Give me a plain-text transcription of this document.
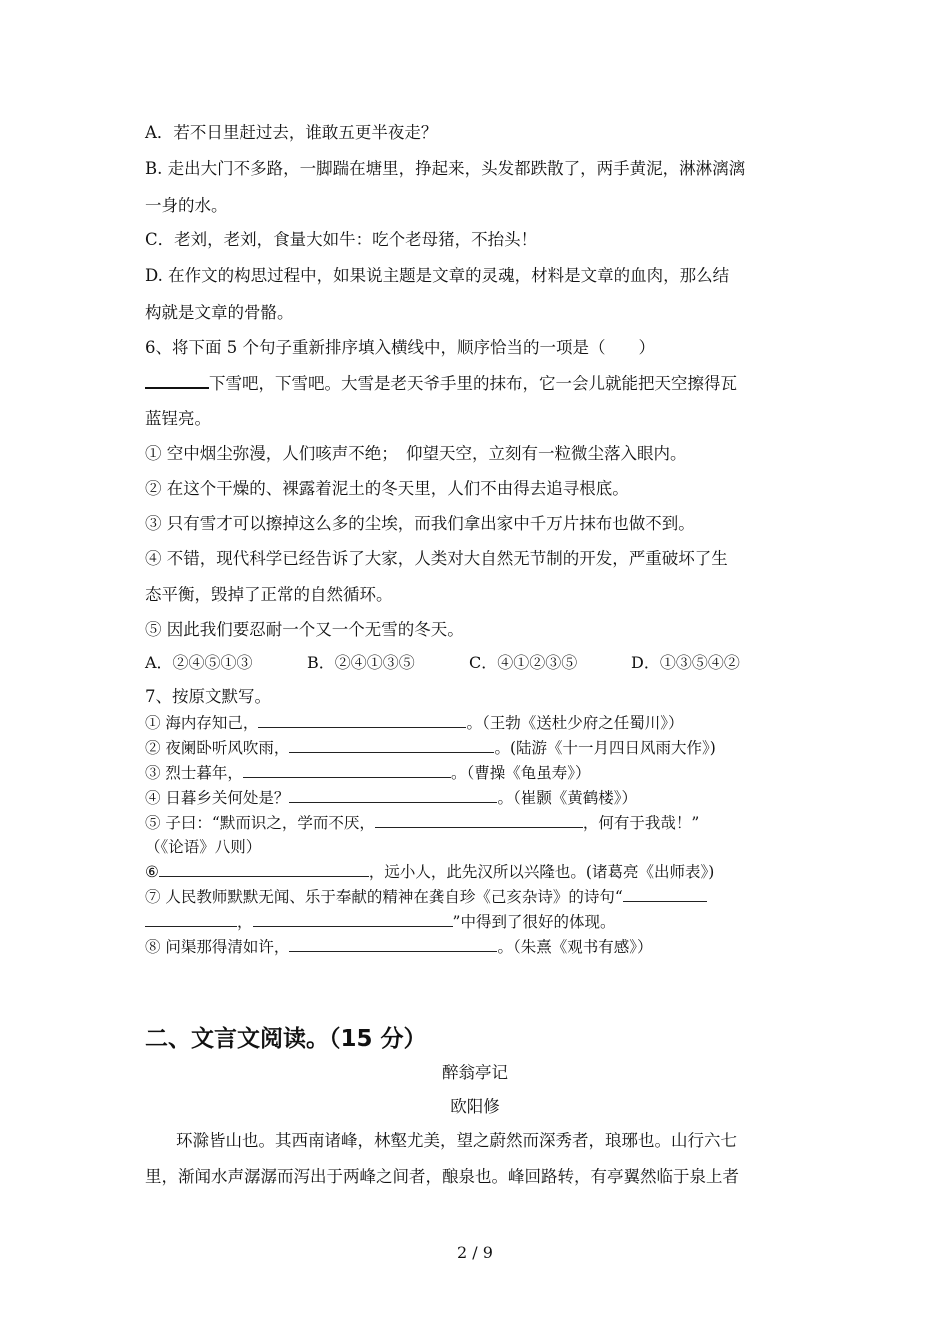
A．若不日里赶过去，谁敢五更半夜走？
B. 走出大门不多路，一脚踹在塘里，挣起来，头发都跌散了，两手黄泥，淋淋漓漓
一身的水。
C．老刘，老刘，食量大如牛：吃个老母猪，不抬头！
D. 在作文的构思过程中，如果说主题是文章的灵魂，材料是文章的血肉，那么结
构就是文章的骨骼。
6、将下面 5 个句子重新排序填入横线中，顺序恰当的一项是（　　）
下雪吧，下雪吧。大雪是老天爷手里的抹布，它一会儿就能把天空擦得瓦
蓝锃亮。
① 空中烟尘弥漫，人们咳声不绝；　仰望天空，立刻有一粒微尘落入眼内。
② 在这个干燥的、裸露着泥土的冬天里，人们不由得去追寻根底。
③ 只有雪才可以擦掉这么多的尘埃，而我们拿出家中千万片抹布也做不到。
④ 不错，现代科学已经告诉了大家，人类对大自然无节制的开发，严重破坏了生
态平衡，毁掉了正常的自然循环。
⑤ 因此我们要忍耐一个又一个无雪的冬天。
A．②④⑤①③	B．②④①③⑤	C．④①②③⑤	D．①③⑤④②
7、按原文默写。
① 海内存知己，	。（王勃《送杜少府之任蜀川》）
② 夜阑卧听风吹雨，	。(陆游《十一月四日风雨大作》)
③ 烈士暮年，	。（曹操《龟虽寿》）
④ 日暮乡关何处是？	。（崔颢《黄鹤楼》）
⑤ 子曰：“默而识之，学而不厌，	，何有于我哉！”
（《论语》八则）
⑥	，远小人，此先汉所以兴隆也。(诸葛亮《出师表》)
⑦ 人民教师默默无闻、乐于奉献的精神在龚自珍《己亥杂诗》的诗句“
，	”中得到了很好的体现。
⑧ 问渠那得清如许，	。（朱熹《观书有感》）
二、文言文阅读。（15 分）
醉翁亭记
欧阳修
环滁皆山也。其西南诸峰，林壑尤美，望之蔚然而深秀者，琅琊也。山行六七
里，渐闻水声潺潺而泻出于两峰之间者，酿泉也。峰回路转，有亭翼然临于泉上者
2 / 9
